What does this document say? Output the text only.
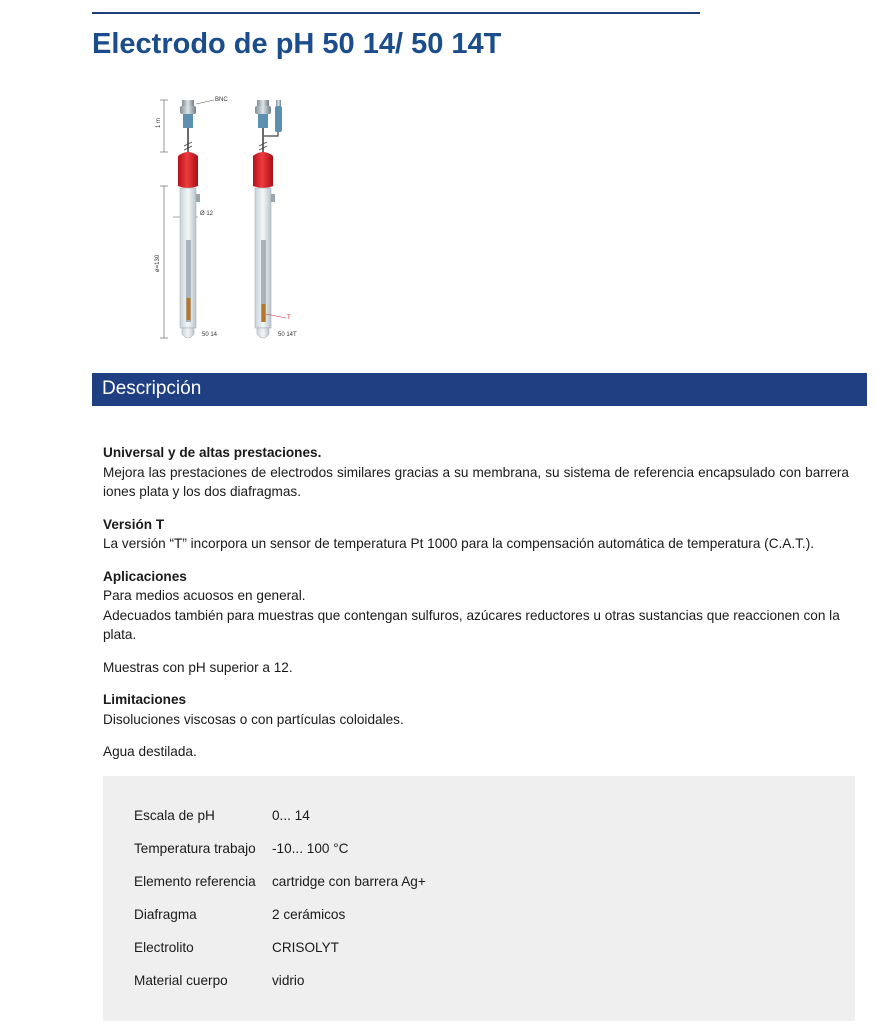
Electrodo de pH 50 14/ 50 14T
1 m
ø=130
BNC
Ø 12
50 14
T
50 14T
Descripción

Universal y de altas prestaciones.
Mejora las prestaciones de electrodos similares gracias a su membrana, su sistema de referencia encapsulado con barrera iones plata y los dos diafragmas.

Versión T
La versión “T” incorpora un sensor de temperatura Pt 1000 para la compensación automática de temperatura (C.A.T.).

Aplicaciones
Para medios acuosos en general.
Adecuados también para muestras que contengan sulfuros, azúcares reductores u otras sustancias que reaccionen con la plata.

Muestras con pH superior a 12.

Limitaciones
Disoluciones viscosas o con partículas coloidales.

Agua destilada.

Escala de pH	0... 14
Temperatura trabajo	-10... 100 °C
Elemento referencia	cartridge con barrera Ag+
Diafragma	2 cerámicos
Electrolito	CRISOLYT
Material cuerpo	vidrio
